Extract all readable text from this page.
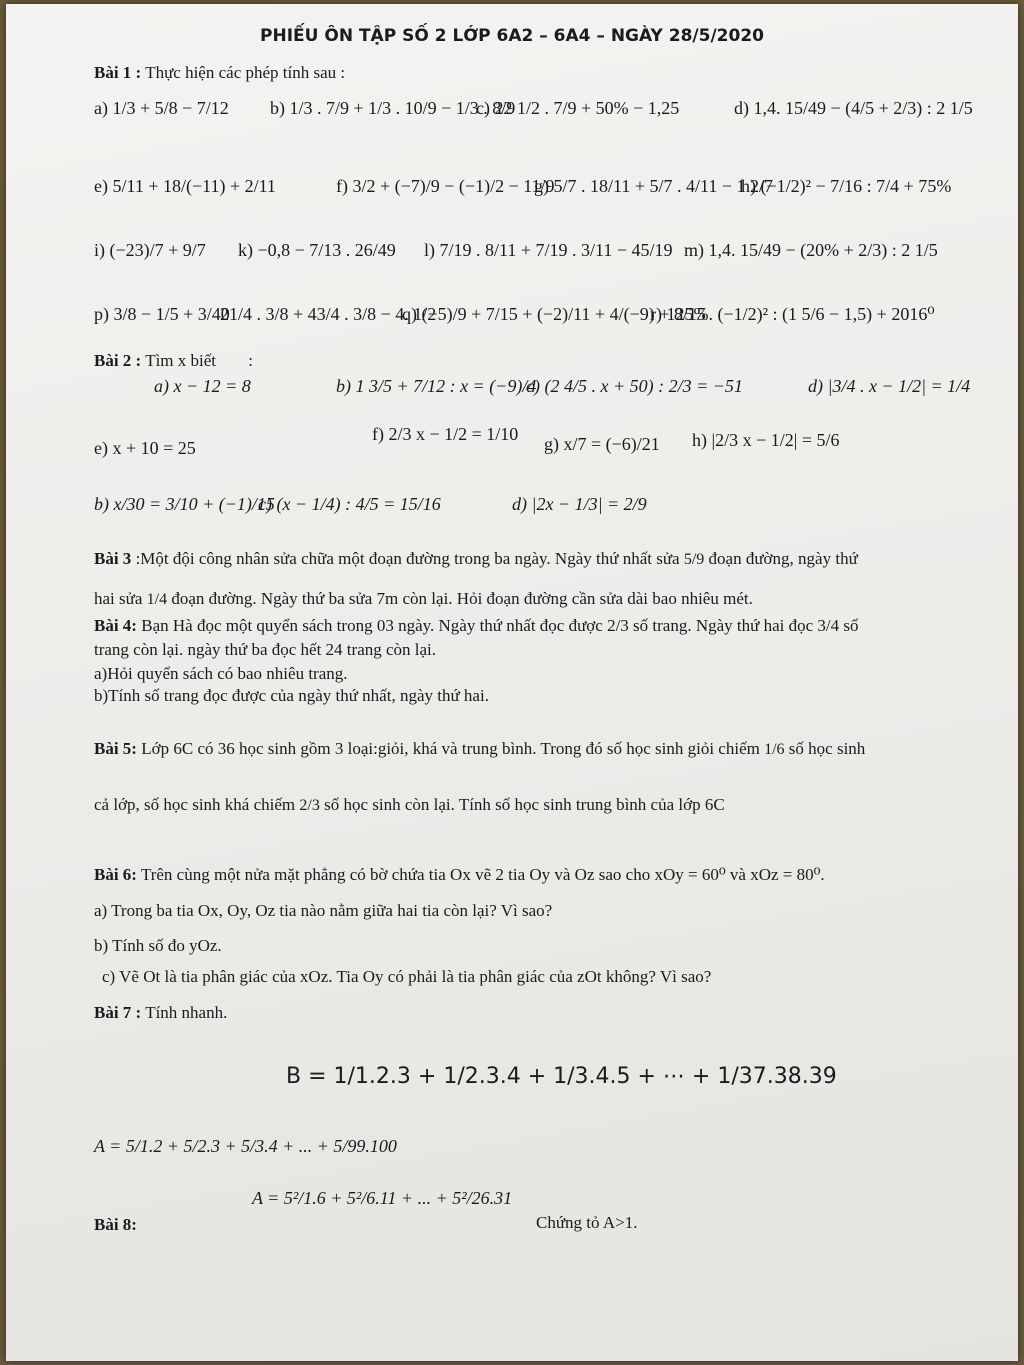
PHIẾU ÔN TẬP SỐ 2 LỚP 6A2 – 6A4 – NGÀY 28/5/2020
Bài 1 : Thực hiện các phép tính sau :
a) 1/3 + 5/8 − 7/12 b) 1/3 . 7/9 + 1/3 . 10/9 − 1/3 . 8/9
c) 22 1/2 . 7/9 + 50% − 1,25	d) 1,4. 15/49 − (4/5 + 2/3) : 2 1/5
e) 5/11 + 18/(−11) + 2/11	f) 3/2 + (−7)/9 − (−1)/2 − 11/9
g) 5/7 . 18/11 + 5/7 . 4/11 − 1 2/7
h) (−1/2)² − 7/16 : 7/4 + 75%
i) (−23)/7 + 9/7 k) −0,8 − 7/13 . 26/49 l) 7/19 . 8/11 + 7/19 . 3/11 − 45/19 m) 1,4. 15/49 − (20% + 2/3) : 2 1/5
p) 3/8 − 1/5 + 3/40
21/4 . 3/8 + 43/4 . 3/8 − 4. 1/2
q) (−5)/9 + 7/15 + (−2)/11 + 4/(−9) + 8/15
r) 125%. (−1/2)² : (1 5/6 − 1,5) + 2016⁰
Bài 2 : Tìm x biết :
a) x − 12 = 8	b) 1 3/5 + 7/12 : x = (−9)/4
c) (2 4/5 . x + 50) : 2/3 = −51	d) |3/4 . x − 1/2| = 1/4
e) x + 10 = 25
f) 2/3 x − 1/2 = 1/10 g) x/7 = (−6)/21 h) |2/3 x − 1/2| = 5/6
b) x/30 = 3/10 + (−1)/15
c) (x − 1/4) : 4/5 = 15/16	d) |2x − 1/3| = 2/9
Bài 3 :Một đội công nhân sửa chữa một đoạn đường trong ba ngày. Ngày thứ nhất sửa 5/9 đoạn đường, ngày thứ
hai sửa 1/4 đoạn đường. Ngày thứ ba sửa 7m còn lại. Hỏi đoạn đường cần sửa dài bao nhiêu mét.
Bài 4: Bạn Hà đọc một quyển sách trong 03 ngày. Ngày thứ nhất đọc được 2/3 số trang. Ngày thứ hai đọc 3/4 số
trang còn lại. ngày thứ ba đọc hết 24 trang còn lại.
a)Hỏi quyển sách có bao nhiêu trang.
b)Tính số trang đọc được của ngày thứ nhất, ngày thứ hai.
Bài 5: Lớp 6C có 36 học sinh gồm 3 loại:giỏi, khá và trung bình. Trong đó số học sinh giỏi chiếm 1/6 số học sinh
cả lớp, số học sinh khá chiếm 2/3 số học sinh còn lại. Tính số học sinh trung bình của lớp 6C
Bài 6: Trên cùng một nửa mặt phẳng có bờ chứa tia Ox vẽ 2 tia Oy và Oz sao cho xOy = 60⁰ và xOz = 80⁰.
a) Trong ba tia Ox, Oy, Oz tia nào nằm giữa hai tia còn lại? Vì sao?
b) Tính số đo yOz.
c) Vẽ Ot là tia phân giác của xOz. Tia Oy có phải là tia phân giác của zOt không? Vì sao?
Bài 7 : Tính nhanh.
B = 1/1.2.3 + 1/2.3.4 + 1/3.4.5 + ⋯ + 1/37.38.39
A = 5/1.2 + 5/2.3 + 5/3.4 + ... + 5/99.100
Bài 8:
A = 5²/1.6 + 5²/6.11 + ... + 5²/26.31
Chứng tỏ A>1.
